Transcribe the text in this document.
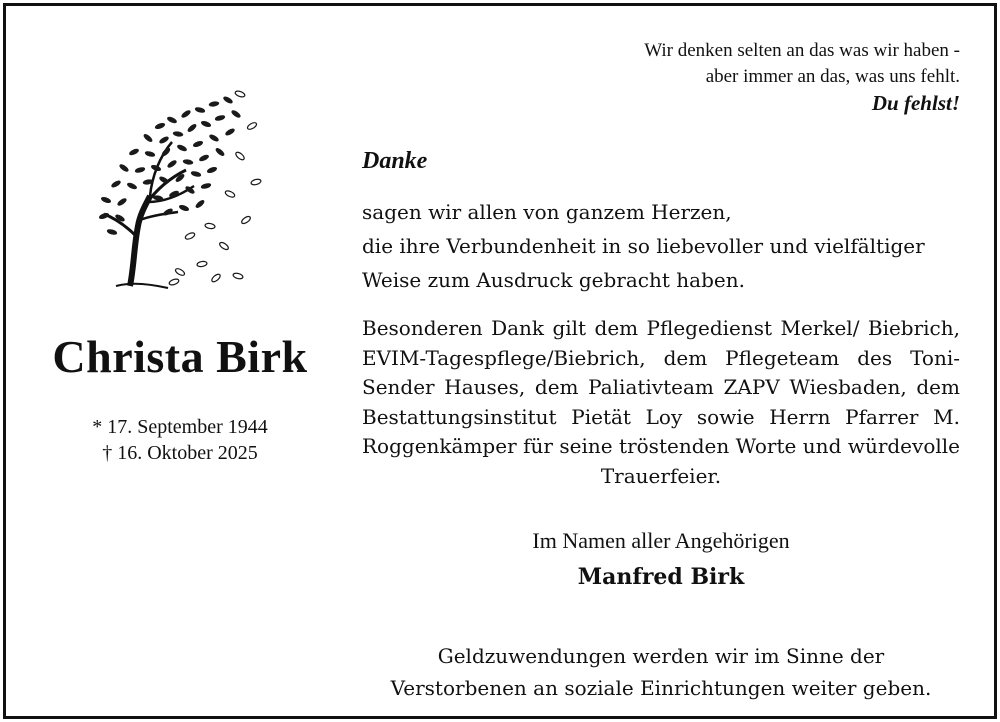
Wir denken selten an das was wir haben -
aber immer an das, was uns fehlt.
Du fehlst!
Christa Birk
* 17. September 1944
† 16. Oktober 2025
Danke
sagen wir allen von ganzem Herzen,
die ihre Verbundenheit in so liebevoller und vielfältiger
Weise zum Ausdruck gebracht haben.
Besonderen Dank gilt dem Pflegedienst Merkel/ Biebrich, EVIM-Tagespflege/Biebrich, dem Pflegeteam des Toni-Sender Hauses, dem Paliativteam ZAPV Wiesbaden, dem Bestattungsinstitut Pietät Loy sowie Herrn Pfarrer M. Roggenkämper für seine tröstenden Worte und würdevolle Trauerfeier.
Im Namen aller Angehörigen
Manfred Birk
Geldzuwendungen werden wir im Sinne der
Verstorbenen an soziale Einrichtungen weiter geben.
